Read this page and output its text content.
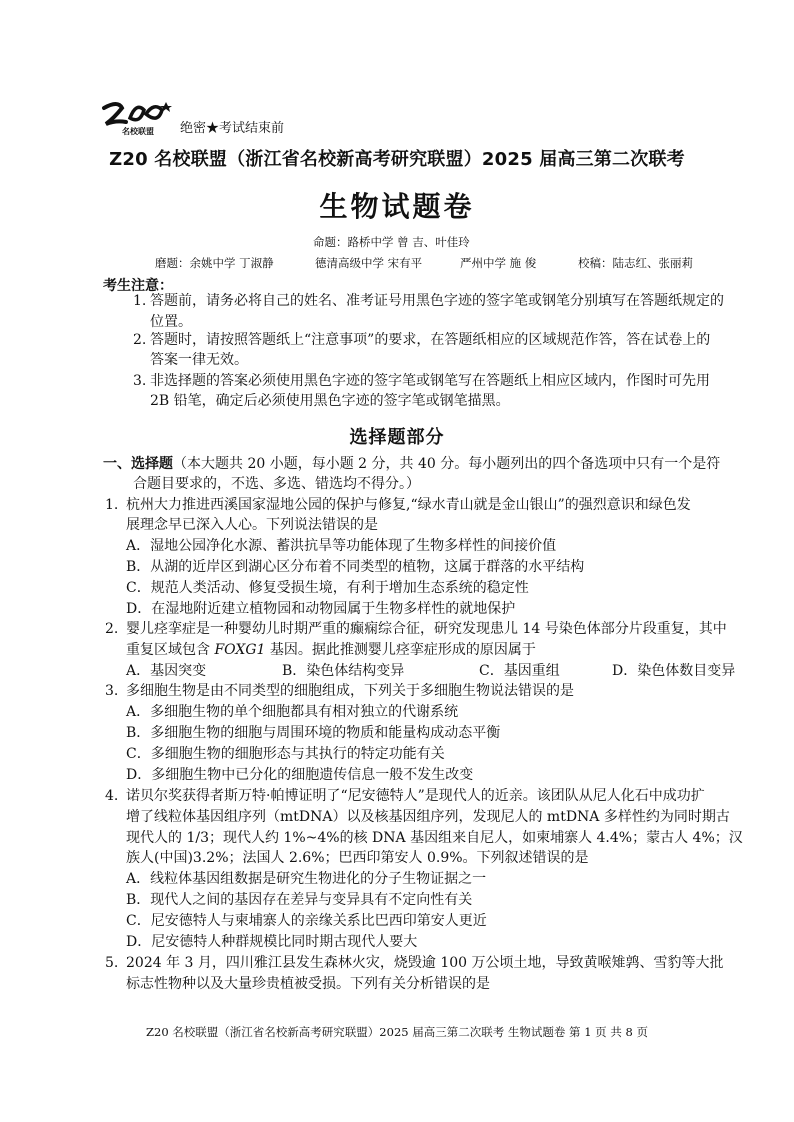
名校联盟 绝密★考试结束前
Z20 名校联盟（浙江省名校新高考研究联盟）2025 届高三第二次联考
生物试题卷
命题：路桥中学 曾 吉、叶佳玲
磨题：余姚中学 丁淑静	德清高级中学 宋有平	严州中学 施 俊	校稿：陆志红、张丽莉
考生注意：
1. 答题前，请务必将自己的姓名、准考证号用黑色字迹的签字笔或钢笔分别填写在答题纸规定的
位置。
2. 答题时，请按照答题纸上“注意事项”的要求，在答题纸相应的区域规范作答，答在试卷上的
答案一律无效。
3. 非选择题的答案必须使用黑色字迹的签字笔或钢笔写在答题纸上相应区域内，作图时可先用
2B 铅笔，确定后必须使用黑色字迹的签字笔或钢笔描黑。
选择题部分
一、选择题（本大题共 20 小题，每小题 2 分，共 40 分。每小题列出的四个备选项中只有一个是符
合题目要求的，不选、多选、错选均不得分。）
1. 杭州大力推进西溪国家湿地公园的保护与修复,“绿水青山就是金山银山”的强烈意识和绿色发
展理念早已深入人心。下列说法错误的是
A．湿地公园净化水源、蓄洪抗旱等功能体现了生物多样性的间接价值
B．从湖的近岸区到湖心区分布着不同类型的植物，这属于群落的水平结构
C．规范人类活动、修复受损生境，有利于增加生态系统的稳定性
D．在湿地附近建立植物园和动物园属于生物多样性的就地保护
2. 婴儿痉挛症是一种婴幼儿时期严重的癫痫综合征，研究发现患儿 14 号染色体部分片段重复，其中
重复区域包含 FOXG1 基因。据此推测婴儿痉挛症形成的原因属于
A．基因突变	B．染色体结构变异	C．基因重组	D．染色体数目变异
3. 多细胞生物是由不同类型的细胞组成，下列关于多细胞生物说法错误的是
A．多细胞生物的单个细胞都具有相对独立的代谢系统
B．多细胞生物的细胞与周围环境的物质和能量构成动态平衡
C．多细胞生物的细胞形态与其执行的特定功能有关
D．多细胞生物中已分化的细胞遗传信息一般不发生改变
4. 诺贝尔奖获得者斯万特·帕博证明了“尼安德特人”是现代人的近亲。该团队从尼人化石中成功扩
增了线粒体基因组序列（mtDNA）以及核基因组序列，发现尼人的 mtDNA 多样性约为同时期古
现代人的 1/3；现代人约 1%~4%的核 DNA 基因组来自尼人，如柬埔寨人 4.4%；蒙古人 4%；汉
族人(中国)3.2%；法国人 2.6%；巴西印第安人 0.9%。下列叙述错误的是
A．线粒体基因组数据是研究生物进化的分子生物证据之一
B．现代人之间的基因存在差异与变异具有不定向性有关
C．尼安德特人与柬埔寨人的亲缘关系比巴西印第安人更近
D．尼安德特人种群规模比同时期古现代人要大
5. 2024 年 3 月，四川雅江县发生森林火灾，烧毁逾 100 万公顷土地，导致黄喉雉鹑、雪豹等大批
标志性物种以及大量珍贵植被受损。下列有关分析错误的是
Z20 名校联盟（浙江省名校新高考研究联盟）2025 届高三第二次联考 生物试题卷 第 1 页 共 8 页
